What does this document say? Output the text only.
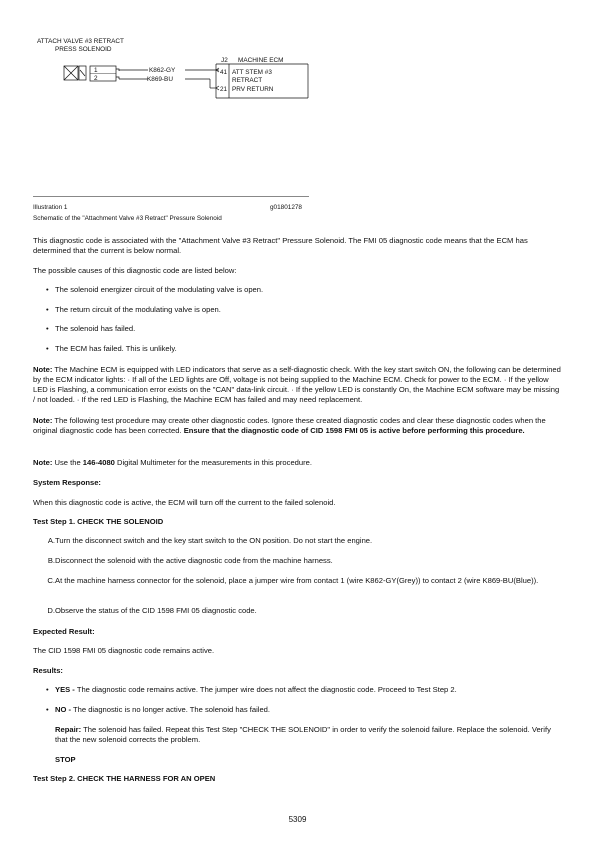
ATTACH VALVE #3 RETRACT
PRESS SOLENOID
1
2
K862-GY
K869-BU
J2 MACHINE ECM
41
21
ATT STEM #3
RETRACT
PRV RETURN
Illustration 1	g01801278
Schematic of the "Attachment Valve #3 Retract" Pressure Solenoid

This diagnostic code is associated with the "Attachment Valve #3 Retract" Pressure Solenoid. The FMI 05 diagnostic code means that the ECM has determined that the current is below normal.

The possible causes of this diagnostic code are listed below:

• The solenoid energizer circuit of the modulating valve is open.
• The return circuit of the modulating valve is open.
• The solenoid has failed.
• The ECM has failed. This is unlikely.

Note: The Machine ECM is equipped with LED indicators that serve as a self-diagnostic check. With the key start switch ON, the following can be determined by the ECM indicator lights: · If all of the LED lights are Off, voltage is not being supplied to the Machine ECM. Check for power to the ECM. · If the yellow LED is Flashing, a communication error exists on the "CAN" data-link circuit. · If the yellow LED is constantly On, the Machine ECM software may be missing / not loaded. · If the red LED is Flashing, the Machine ECM has failed and may need replacement.

Note: The following test procedure may create other diagnostic codes. Ignore these created diagnostic codes and clear these diagnostic codes when the original diagnostic code has been corrected. Ensure that the diagnostic code of CID 1598 FMI 05 is active before performing this procedure.

Note: Use the 146-4080 Digital Multimeter for the measurements in this procedure.

System Response:

When this diagnostic code is active, the ECM will turn off the current to the failed solenoid.

Test Step 1. CHECK THE SOLENOID

A. Turn the disconnect switch and the key start switch to the ON position. Do not start the engine.
B. Disconnect the solenoid with the active diagnostic code from the machine harness.
C. At the machine harness connector for the solenoid, place a jumper wire from contact 1 (wire K862-GY(Grey)) to contact 2 (wire K869-BU(Blue)).
D. Observe the status of the CID 1598 FMI 05 diagnostic code.

Expected Result:

The CID 1598 FMI 05 diagnostic code remains active.

Results:

• YES - The diagnostic code remains active. The jumper wire does not affect the diagnostic code. Proceed to Test Step 2.
• NO - The diagnostic is no longer active. The solenoid has failed.
Repair: The solenoid has failed. Repeat this Test Step "CHECK THE SOLENOID" in order to verify the solenoid failure. Replace the solenoid. Verify that the new solenoid corrects the problem.
STOP

Test Step 2. CHECK THE HARNESS FOR AN OPEN

5309
